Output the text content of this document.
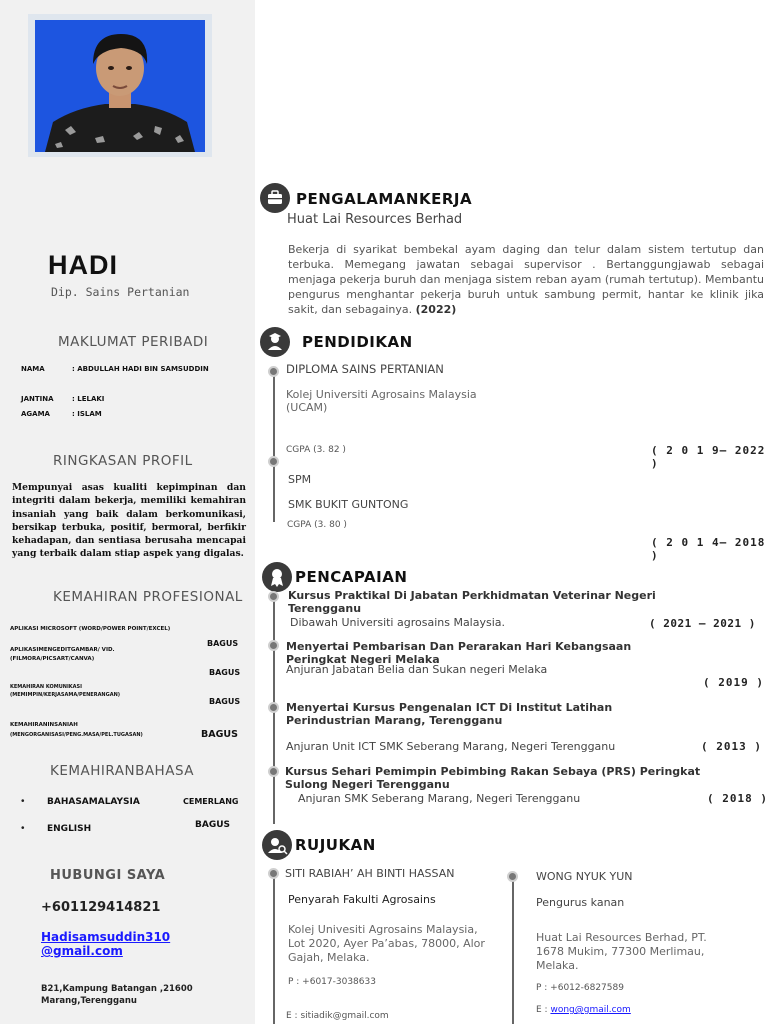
HADI
Dip. Sains Pertanian
MAKLUMAT PERIBADI
NAMA	: ABDULLAH HADI BIN SAMSUDDIN
JANTINA	: LELAKI
AGAMA	: ISLAM
RINGKASAN PROFIL
Mempunyai asas kualiti kepimpinan dan integriti dalam bekerja, memiliki kemahiran insaniah yang baik dalam berkomunikasi, bersikap terbuka, positif, bermoral, berfikir kehadapan, dan sentiasa berusaha mencapai yang terbaik dalam stiap aspek yang digalas.
KEMAHIRAN PROFESIONAL
APLIKASI MICROSOFT (WORD/POWER POINT/EXCEL)
BAGUS
APLIKASIMENGEDITGAMBAR/ VID.
(FILMORA/PICSART/CANVA)
BAGUS
KEMAHIRAN KOMUNIKASI
(MEMIMPIN/KERJASAMA/PENERANGAN)
BAGUS
KEMAHIRANINSANIAH
(MENGORGANISASI/PENG.MASA/PEL.TUGASAN)	BAGUS
KEMAHIRANBAHASA
• BAHASAMALAYSIA	CEMERLANG
• ENGLISH	BAGUS
HUBUNGI SAYA
+601129414821
Hadisamsuddin310
@gmail.com
B21,Kampung Batangan ,21600
Marang,Terengganu
PENGALAMANKERJA
Huat Lai Resources Berhad
Bekerja di syarikat bembekal ayam daging dan telur dalam sistem tertutup dan terbuka. Memegang jawatan sebagai supervisor . Bertanggungjawab sebagai menjaga pekerja buruh dan menjaga sistem reban ayam (rumah tertutup). Membantu pengurus menghantar pekerja buruh untuk sambung permit, hantar ke klinik jika sakit, dan sebagainya. (2022)
PENDIDIKAN
DIPLOMA SAINS PERTANIAN
Kolej Universiti Agrosains Malaysia
(UCAM)
CGPA (3. 82 )	( 2 0 1 9– 2022 )
SPM
SMK BUKIT GUNTONG
CGPA (3. 80 )
( 2 0 1 4– 2018 )
PENCAPAIAN
Kursus Praktikal Di Jabatan Perkhidmatan Veterinar Negeri Terengganu
Dibawah Universiti agrosains Malaysia.	( 2021 – 2021 )
Menyertai Pembarisan Dan Perarakan Hari Kebangsaan Peringkat Negeri Melaka
Anjuran Jabatan Belia dan Sukan negeri Melaka
( 2019 )
Menyertai Kursus Pengenalan ICT Di Institut Latihan Perindustrian Marang, Terengganu
Anjuran Unit ICT SMK Seberang Marang, Negeri Terengganu	( 2013 )
Kursus Sehari Pemimpin Pebimbing Rakan Sebaya (PRS) Peringkat Sulong Negeri Terengganu
Anjuran SMK Seberang Marang, Negeri Terengganu	( 2018 )
RUJUKAN
SITI RABIAH’ AH BINTI HASSAN
Penyarah Fakulti Agrosains
Kolej Univesiti Agrosains Malaysia, Lot 2020, Ayer Pa’abas, 78000, Alor Gajah, Melaka.
P : +6017-3038633
E : sitiadik@gmail.com
WONG NYUK YUN
Pengurus kanan
Huat Lai Resources Berhad, PT. 1678 Mukim, 77300 Merlimau, Melaka.
P : +6012-6827589
E : wong@gmail.com
